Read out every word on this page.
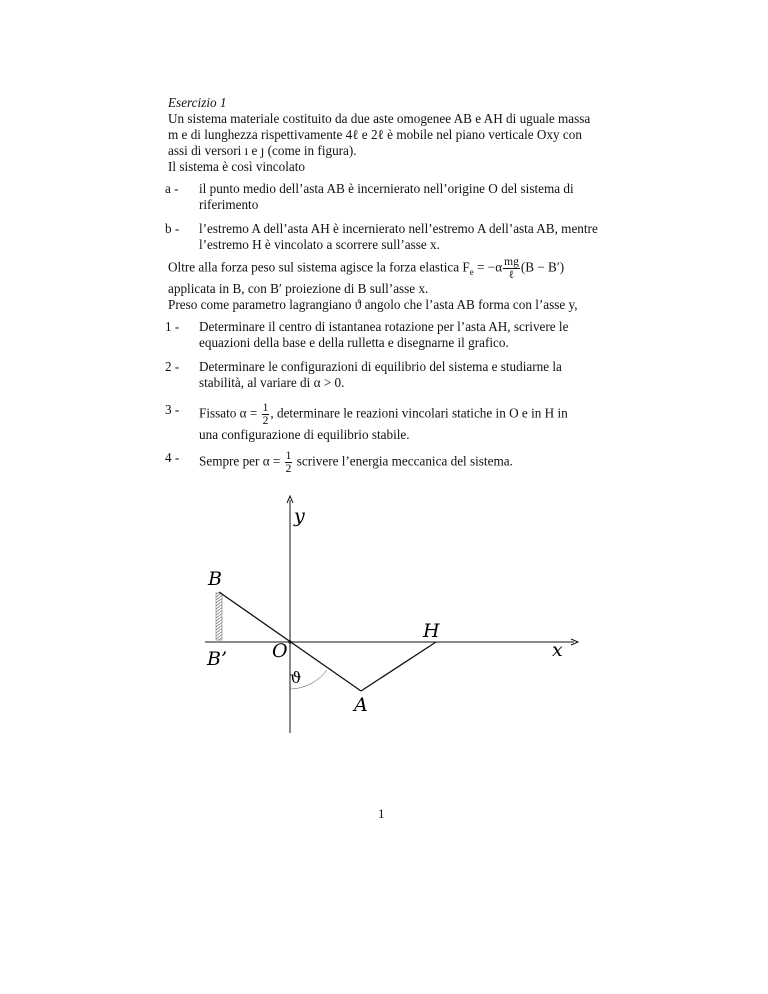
Esercizio 1
Un sistema materiale costituito da due aste omogenee AB e AH di uguale massa
m e di lunghezza rispettivamente 4ℓ e 2ℓ è mobile nel piano verticale Oxy con
assi di versori ı e ȷ (come in figura).
Il sistema è così vincolato
a - il punto medio dell’asta AB è incernierato nell’origine O del sistema di
riferimento
b - l’estremo A dell’asta AH è incernierato nell’estremo A dell’asta AB, mentre
l’estremo H è vincolato a scorrere sull’asse x.
Oltre alla forza peso sul sistema agisce la forza elastica $F_e = -\alpha \frac{mg}{\text{ℓ}} (B - B')$
applicata in B, con B′ proiezione di B sull’asse x.
Preso come parametro lagrangiano ϑ angolo che l’asta AB forma con l’asse y,
1 - Determinare il centro di istantanea rotazione per l’asta AH, scrivere le
equazioni della base e della rulletta e disegnarne il grafico.
2 - Determinare le configurazioni di equilibrio del sistema e studiarne la
stabilità, al variare di α > 0.
3 - Fissato $\alpha = \frac{1}{2}$ , determinare le reazioni vincolari statiche in O e in H in
una configurazione di equilibrio stabile.
4 - Sempre per $\alpha = \frac{1}{2}$ scrivere l’energia meccanica del sistema.
y
B
B’ O
H
x
ϑ
A
1
